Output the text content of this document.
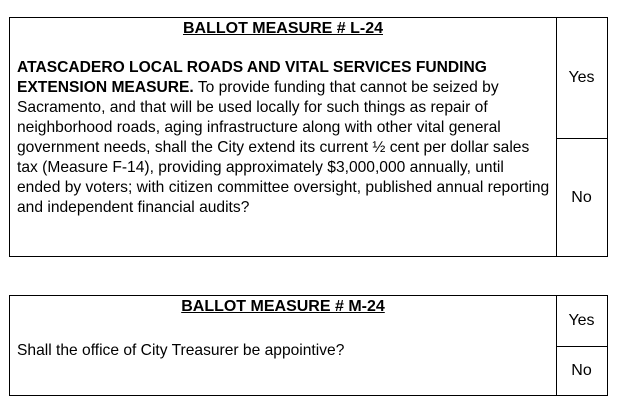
BALLOT MEASURE # L-24
ATASCADERO LOCAL ROADS AND VITAL SERVICES FUNDING EXTENSION MEASURE. To provide funding that cannot be seized by Sacramento, and that will be used locally for such things as repair of neighborhood roads, aging infrastructure along with other vital general government needs, shall the City extend its current ½ cent per dollar sales tax (Measure F-14), providing approximately $3,000,000 annually, until ended by voters; with citizen committee oversight, published annual reporting and independent financial audits?
Yes
No
BALLOT MEASURE # M-24
Shall the office of City Treasurer be appointive?
Yes
No
